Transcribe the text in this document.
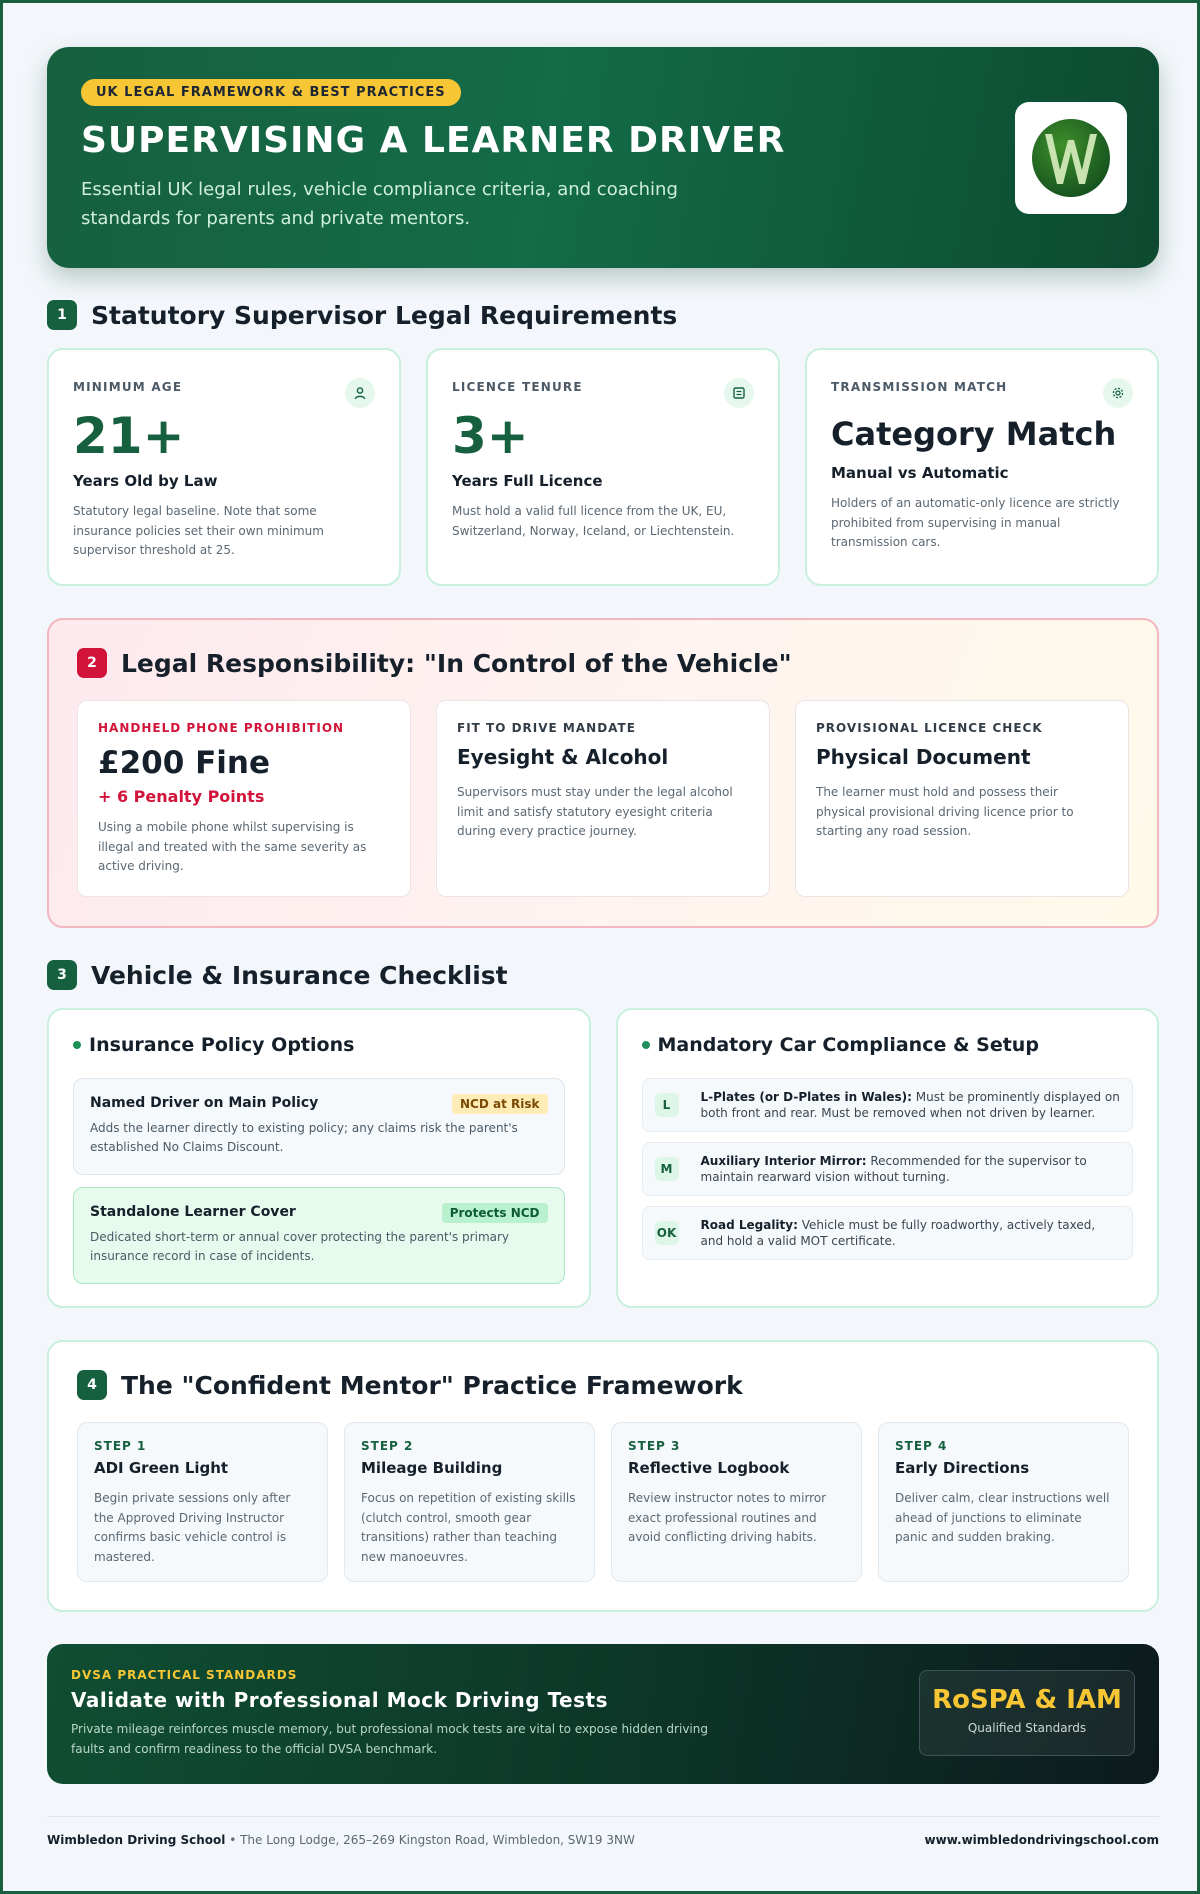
UK LEGAL FRAMEWORK & BEST PRACTICES
SUPERVISING A LEARNER DRIVER
Essential UK legal rules, vehicle compliance criteria, and coaching standards for parents and private mentors.
1 Statutory Supervisor Legal Requirements
MINIMUM AGE
21+
Years Old by Law
Statutory legal baseline. Note that some insurance policies set their own minimum supervisor threshold at 25.
LICENCE TENURE
3+
Years Full Licence
Must hold a valid full licence from the UK, EU, Switzerland, Norway, Iceland, or Liechtenstein.
TRANSMISSION MATCH
Category Match
Manual vs Automatic
Holders of an automatic-only licence are strictly prohibited from supervising in manual transmission cars.
2 Legal Responsibility: "In Control of the Vehicle"
HANDHELD PHONE PROHIBITION
£200 Fine
+ 6 Penalty Points
Using a mobile phone whilst supervising is illegal and treated with the same severity as active driving.
FIT TO DRIVE MANDATE
Eyesight & Alcohol
Supervisors must stay under the legal alcohol limit and satisfy statutory eyesight criteria during every practice journey.
PROVISIONAL LICENCE CHECK
Physical Document
The learner must hold and possess their physical provisional driving licence prior to starting any road session.
3 Vehicle & Insurance Checklist
Insurance Policy Options
Named Driver on Main Policy	NCD at Risk
Adds the learner directly to existing policy; any claims risk the parent's established No Claims Discount.
Standalone Learner Cover	Protects NCD
Dedicated short-term or annual cover protecting the parent's primary insurance record in case of incidents.
Mandatory Car Compliance & Setup
L
L-Plates (or D-Plates in Wales): Must be prominently displayed on both front and rear. Must be removed when not driven by learner.
M
Auxiliary Interior Mirror: Recommended for the supervisor to maintain rearward vision without turning.
OK
Road Legality: Vehicle must be fully roadworthy, actively taxed, and hold a valid MOT certificate.
4 The "Confident Mentor" Practice Framework
STEP 1
ADI Green Light
Begin private sessions only after the Approved Driving Instructor confirms basic vehicle control is mastered.
STEP 2
Mileage Building
Focus on repetition of existing skills (clutch control, smooth gear transitions) rather than teaching new manoeuvres.
STEP 3
Reflective Logbook
Review instructor notes to mirror exact professional routines and avoid conflicting driving habits.
STEP 4
Early Directions
Deliver calm, clear instructions well ahead of junctions to eliminate panic and sudden braking.
DVSA PRACTICAL STANDARDS
Validate with Professional Mock Driving Tests
Private mileage reinforces muscle memory, but professional mock tests are vital to expose hidden driving faults and confirm readiness to the official DVSA benchmark.
RoSPA & IAM
Qualified Standards
Wimbledon Driving School • The Long Lodge, 265–269 Kingston Road, Wimbledon, SW19 3NW	www.wimbledondrivingschool.com
